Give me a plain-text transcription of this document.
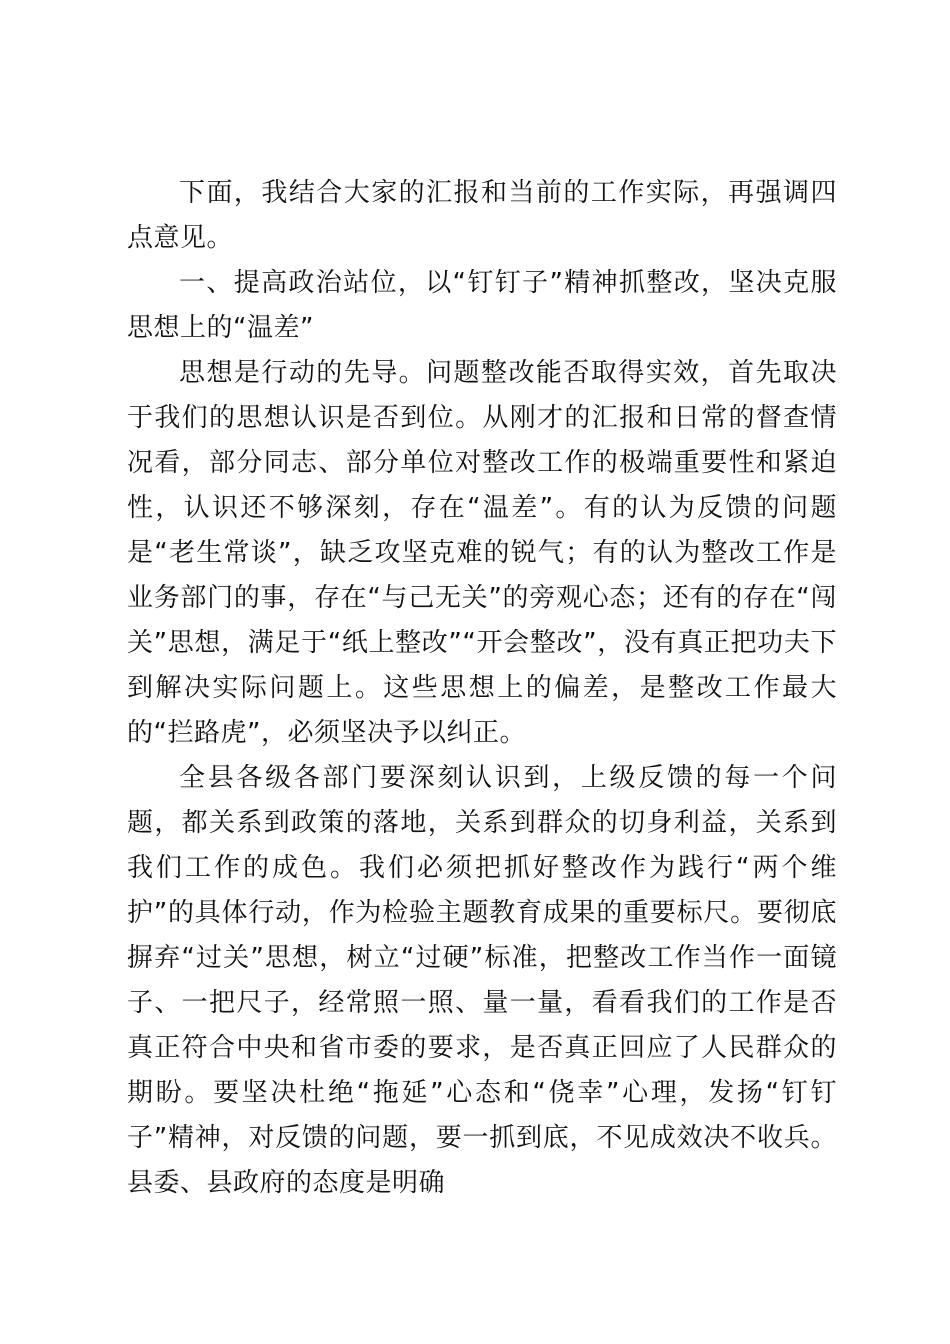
下面，我结合大家的汇报和当前的工作实际，再强调四点意见。

一、提高政治站位，以“钉钉子”精神抓整改，坚决克服思想上的“温差”

思想是行动的先导。问题整改能否取得实效，首先取决于我们的思想认识是否到位。从刚才的汇报和日常的督查情况看，部分同志、部分单位对整改工作的极端重要性和紧迫性，认识还不够深刻，存在“温差”。有的认为反馈的问题是“老生常谈”，缺乏攻坚克难的锐气；有的认为整改工作是业务部门的事，存在“与己无关”的旁观心态；还有的存在“闯关”思想，满足于“纸上整改”“开会整改”，没有真正把功夫下到解决实际问题上。这些思想上的偏差，是整改工作最大的“拦路虎”，必须坚决予以纠正。

全县各级各部门要深刻认识到，上级反馈的每一个问题，都关系到政策的落地，关系到群众的切身利益，关系到我们工作的成色。我们必须把抓好整改作为践行“两个维护”的具体行动，作为检验主题教育成果的重要标尺。要彻底摒弃“过关”思想，树立“过硬”标准，把整改工作当作一面镜子、一把尺子，经常照一照、量一量，看看我们的工作是否真正符合中央和省市委的要求，是否真正回应了人民群众的期盼。要坚决杜绝“拖延”心态和“侥幸”心理，发扬“钉钉子”精神，对反馈的问题，要一抓到底，不见成效决不收兵。县委、县政府的态度是明确
